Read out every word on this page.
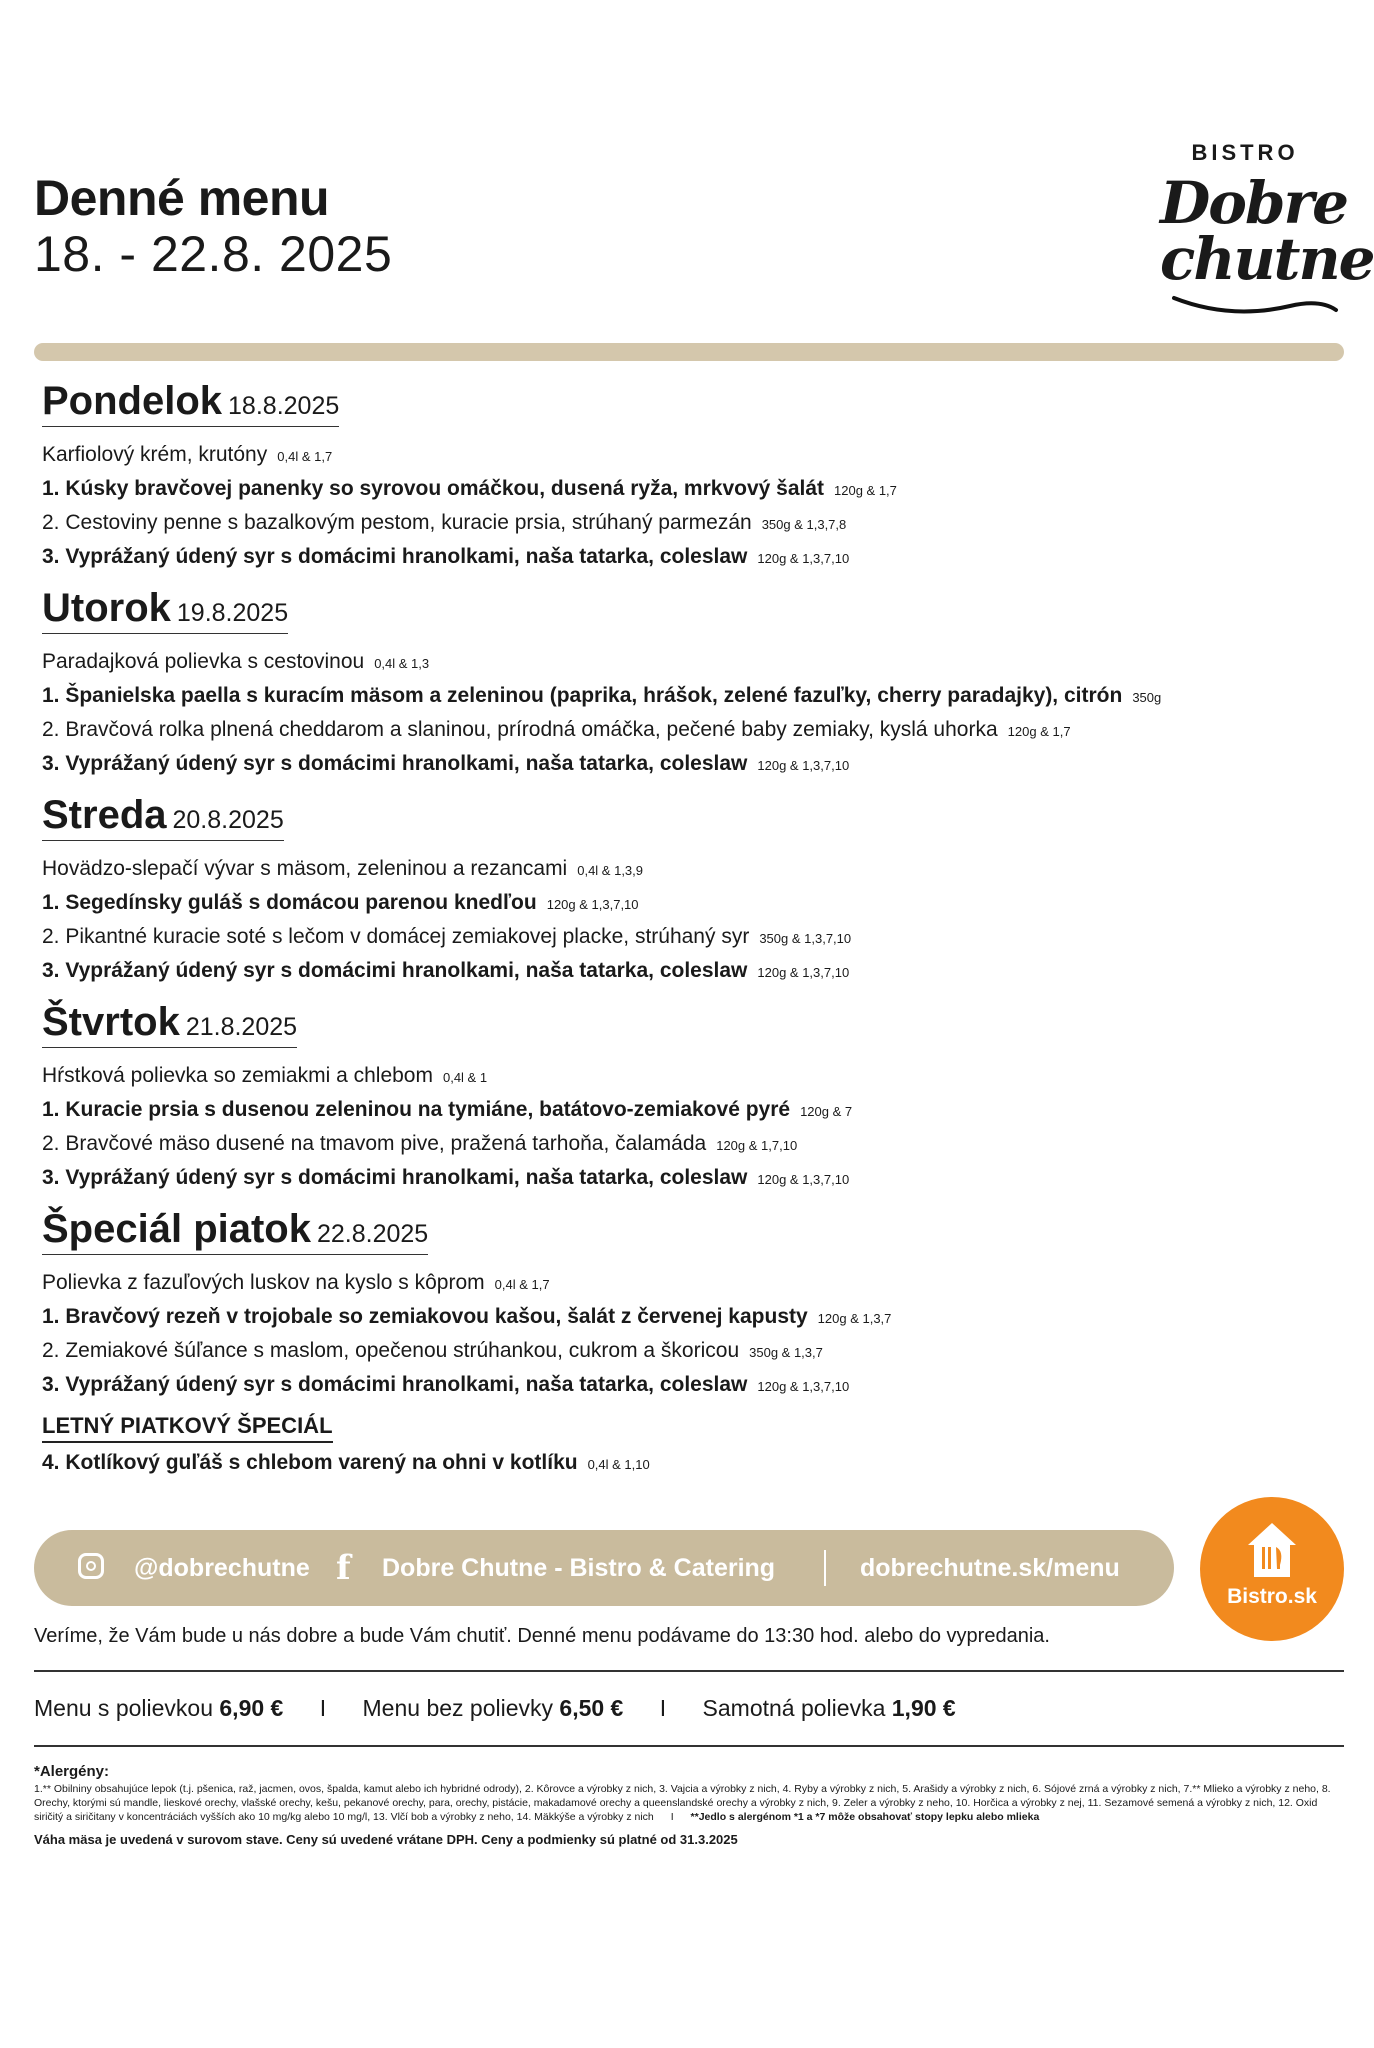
Denné menu
18. - 22.8. 2025
BISTRO
Dobre
chutne
Pondelok 18.8.2025
Karfiolový krém, krutóny 0,4l & 1,7
1. Kúsky bravčovej panenky so syrovou omáčkou, dusená ryža, mrkvový šalát 120g & 1,7
2. Cestoviny penne s bazalkovým pestom, kuracie prsia, strúhaný parmezán 350g & 1,3,7,8
3. Vyprážaný údený syr s domácimi hranolkami, naša tatarka, coleslaw 120g & 1,3,7,10
Utorok 19.8.2025
Paradajková polievka s cestovinou 0,4l & 1,3
1. Španielska paella s kuracím mäsom a zeleninou (paprika, hrášok, zelené fazuľky, cherry paradajky), citrón 350g
2. Bravčová rolka plnená cheddarom a slaninou, prírodná omáčka, pečené baby zemiaky, kyslá uhorka 120g & 1,7
3. Vyprážaný údený syr s domácimi hranolkami, naša tatarka, coleslaw 120g & 1,3,7,10
Streda 20.8.2025
Hovädzo-slepačí vývar s mäsom, zeleninou a rezancami 0,4l & 1,3,9
1. Segedínsky guláš s domácou parenou knedľou 120g & 1,3,7,10
2. Pikantné kuracie soté s lečom v domácej zemiakovej placke, strúhaný syr 350g & 1,3,7,10
3. Vyprážaný údený syr s domácimi hranolkami, naša tatarka, coleslaw 120g & 1,3,7,10
Štvrtok 21.8.2025
Hŕstková polievka so zemiakmi a chlebom 0,4l & 1
1. Kuracie prsia s dusenou zeleninou na tymiáne, batátovo-zemiakové pyré 120g & 7
2. Bravčové mäso dusené na tmavom pive, pražená tarhoňa, čalamáda 120g & 1,7,10
3. Vyprážaný údený syr s domácimi hranolkami, naša tatarka, coleslaw 120g & 1,3,7,10
Špeciál piatok 22.8.2025
Polievka z fazuľových luskov na kyslo s kôprom 0,4l & 1,7
1. Bravčový rezeň v trojobale so zemiakovou kašou, šalát z červenej kapusty 120g & 1,3,7
2. Zemiakové šúľance s maslom, opečenou strúhankou, cukrom a škoricou 350g & 1,3,7
3. Vyprážaný údený syr s domácimi hranolkami, naša tatarka, coleslaw 120g & 1,3,7,10
LETNÝ PIATKOVÝ ŠPECIÁL
4. Kotlíkový guľáš s chlebom varený na ohni v kotlíku 0,4l & 1,10
@dobrechutne f Dobre Chutne - Bistro & Catering	dobrechutne.sk/menu
Bistro.sk
Veríme, že Vám bude u nás dobre a bude Vám chutiť. Denné menu podávame do 13:30 hod. alebo do vypredania.
Menu s polievkou 6,90 € I Menu bez polievky 6,50 € I Samotná polievka 1,90 €
*Alergény:
1.** Obilniny obsahujúce lepok (t.j. pšenica, raž, jacmen, ovos, špalda, kamut alebo ich hybridné odrody), 2. Kôrovce a výrobky z nich, 3. Vajcia a výrobky z nich, 4. Ryby a výrobky z nich, 5. Arašidy a výrobky z nich, 6. Sójové zrná a výrobky z nich, 7.** Mlieko a výrobky z neho, 8. Orechy, ktorými sú mandle, lieskové orechy, vlašské orechy, kešu, pekanové orechy, para, orechy, pistácie, makadamové orechy a queenslandské orechy a výrobky z nich, 9. Zeler a výrobky z neho, 10. Horčica a výrobky z nej, 11. Sezamové semená a výrobky z nich, 12. Oxid siričitý a siričitany v koncentráciách vyšších ako 10 mg/kg alebo 10 mg/l, 13. Vlčí bob a výrobky z neho, 14. Mäkkýše a výrobky z nich I **Jedlo s alergénom *1 a *7 môže obsahovať stopy lepku alebo mlieka
Váha mäsa je uvedená v surovom stave. Ceny sú uvedené vrátane DPH. Ceny a podmienky sú platné od 31.3.2025
